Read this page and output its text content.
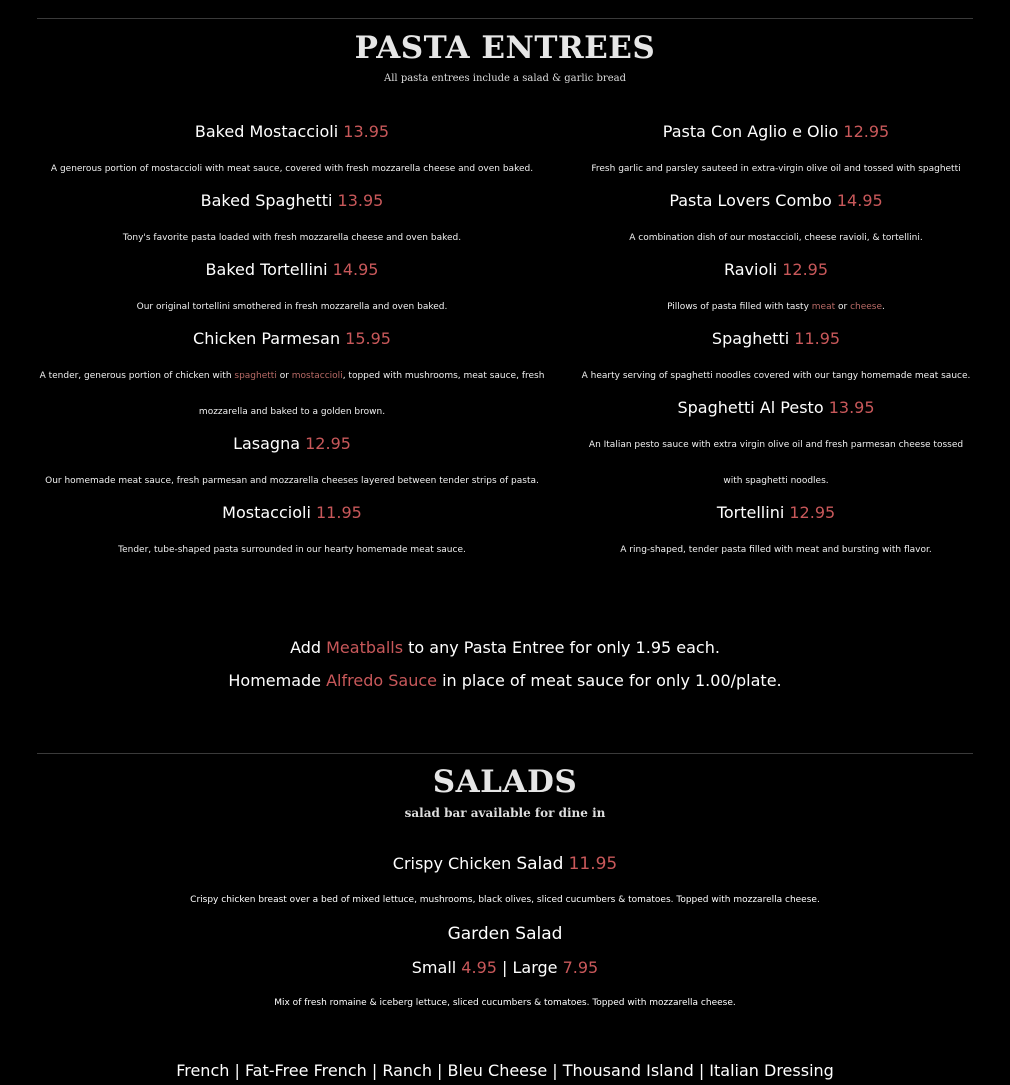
PASTA ENTREES
All pasta entrees include a salad & garlic bread
Baked Mostaccioli 13.95
A generous portion of mostaccioli with meat sauce, covered with fresh mozzarella cheese and oven baked.
Baked Spaghetti 13.95
Tony's favorite pasta loaded with fresh mozzarella cheese and oven baked.
Baked Tortellini 14.95
Our original tortellini smothered in fresh mozzarella and oven baked.
Chicken Parmesan 15.95
A tender, generous portion of chicken with spaghetti or mostaccioli, topped with mushrooms, meat sauce, fresh mozzarella and baked to a golden brown.
Lasagna 12.95
Our homemade meat sauce, fresh parmesan and mozzarella cheeses layered between tender strips of pasta.
Mostaccioli 11.95
Tender, tube-shaped pasta surrounded in our hearty homemade meat sauce.
Pasta Con Aglio e Olio 12.95
Fresh garlic and parsley sauteed in extra-virgin olive oil and tossed with spaghetti
Pasta Lovers Combo 14.95
A combination dish of our mostaccioli, cheese ravioli, & tortellini.
Ravioli 12.95
Pillows of pasta filled with tasty meat or cheese.
Spaghetti 11.95
A hearty serving of spaghetti noodles covered with our tangy homemade meat sauce.
Spaghetti Al Pesto 13.95
An Italian pesto sauce with extra virgin olive oil and fresh parmesan cheese tossed with spaghetti noodles.
Tortellini 12.95
A ring-shaped, tender pasta filled with meat and bursting with flavor.
Add Meatballs to any Pasta Entree for only 1.95 each.
Homemade Alfredo Sauce in place of meat sauce for only 1.00/plate.
SALADS
salad bar available for dine in
Crispy Chicken Salad 11.95
Crispy chicken breast over a bed of mixed lettuce, mushrooms, black olives, sliced cucumbers & tomatoes. Topped with mozzarella cheese.
Garden Salad
Small 4.95 | Large 7.95
Mix of fresh romaine & iceberg lettuce, sliced cucumbers & tomatoes. Topped with mozzarella cheese.
French | Fat-Free French | Ranch | Bleu Cheese | Thousand Island | Italian Dressing
